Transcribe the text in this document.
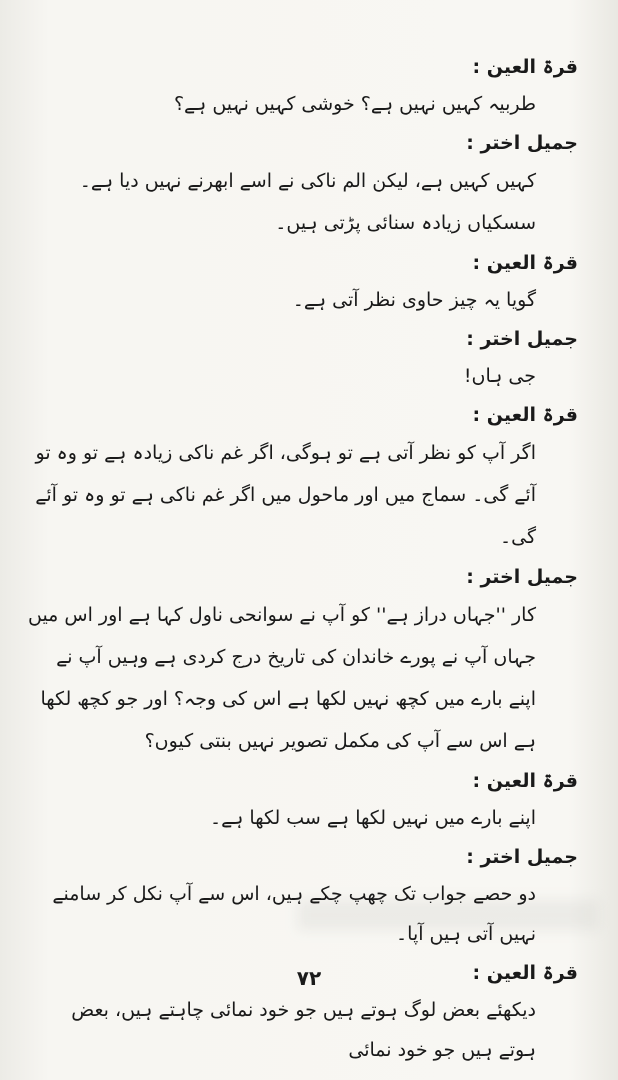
قرۃ العین :
طربیہ کہیں نہیں ہے؟ خوشی کہیں نہیں ہے؟
جمیل اختر :
کہیں کہیں ہے، لیکن الم ناکی نے اسے ابھرنے نہیں دیا ہے۔ سسکیاں زیادہ سنائی پڑتی ہیں۔
قرۃ العین :
گویا یہ چیز حاوی نظر آتی ہے۔
جمیل اختر :
جی ہاں!
قرۃ العین :
اگر آپ کو نظر آتی ہے تو ہوگی، اگر غم ناکی زیادہ ہے تو وہ تو آئے گی۔ سماج میں اور ماحول میں اگر غم ناکی ہے تو وہ تو آئے گی۔
جمیل اختر :
کار ''جہاں دراز ہے'' کو آپ نے سوانحی ناول کہا ہے اور اس میں جہاں آپ نے پورے خاندان کی تاریخ درج کردی ہے وہیں آپ نے اپنے بارے میں کچھ نہیں لکھا ہے اس کی وجہ؟ اور جو کچھ لکھا ہے اس سے آپ کی مکمل تصویر نہیں بنتی کیوں؟
قرۃ العین :
اپنے بارے میں نہیں لکھا ہے سب لکھا ہے۔
جمیل اختر :
دو حصے جواب تک چھپ چکے ہیں، اس سے آپ نکل کر سامنے نہیں آتی ہیں آپا۔
قرۃ العین :
دیکھئے بعض لوگ ہوتے ہیں جو خود نمائی چاہتے ہیں، بعض ہوتے ہیں جو خود نمائی
۷۲
